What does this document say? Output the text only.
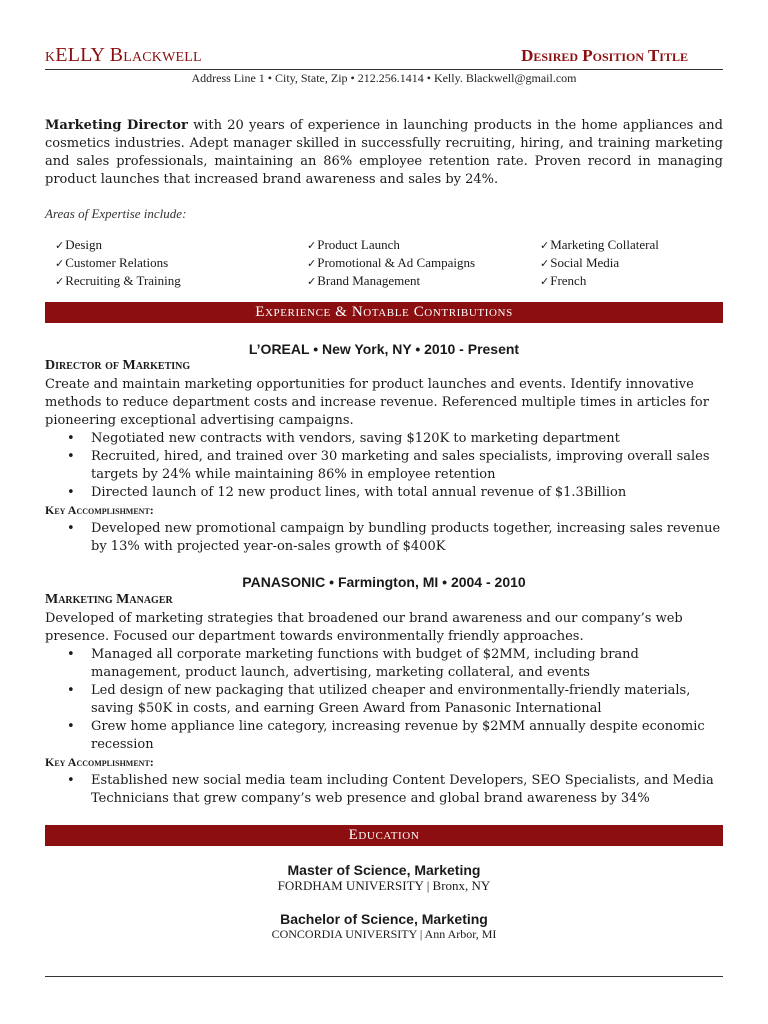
kELLY Blackwell	Desired Position Title
Address Line 1 • City, State, Zip • 212.256.1414 • Kelly. Blackwell@gmail.com
Marketing Director with 20 years of experience in launching products in the home appliances and cosmetics industries. Adept manager skilled in successfully recruiting, hiring, and training marketing and sales professionals, maintaining an 86% employee retention rate. Proven record in managing product launches that increased brand awareness and sales by 24%.
Areas of Expertise include:
✓ Design	✓ Product Launch	✓ Marketing Collateral
✓ Customer Relations	✓ Promotional & Ad Campaigns	✓ Social Media
✓ Recruiting & Training	✓ Brand Management	✓ French
Experience & Notable Contributions
L’OREAL • New York, NY • 2010 - Present
Director of Marketing
Create and maintain marketing opportunities for product launches and events. Identify innovative methods to reduce department costs and increase revenue. Referenced multiple times in articles for pioneering exceptional advertising campaigns.
• Negotiated new contracts with vendors, saving $120K to marketing department
• Recruited, hired, and trained over 30 marketing and sales specialists, improving overall sales targets by 24% while maintaining 86% in employee retention
• Directed launch of 12 new product lines, with total annual revenue of $1.3Billion
Key Accomplishment:
• Developed new promotional campaign by bundling products together, increasing sales revenue by 13% with projected year-on-sales growth of $400K
PANASONIC • Farmington, MI • 2004 - 2010
Marketing Manager
Developed of marketing strategies that broadened our brand awareness and our company’s web presence. Focused our department towards environmentally friendly approaches.
• Managed all corporate marketing functions with budget of $2MM, including brand management, product launch, advertising, marketing collateral, and events
• Led design of new packaging that utilized cheaper and environmentally-friendly materials, saving $50K in costs, and earning Green Award from Panasonic International
• Grew home appliance line category, increasing revenue by $2MM annually despite economic recession
Key Accomplishment:
• Established new social media team including Content Developers, SEO Specialists, and Media Technicians that grew company’s web presence and global brand awareness by 34%
Education
Master of Science, Marketing
FORDHAM UNIVERSITY | Bronx, NY
Bachelor of Science, Marketing
CONCORDIA UNIVERSITY | Ann Arbor, MI
